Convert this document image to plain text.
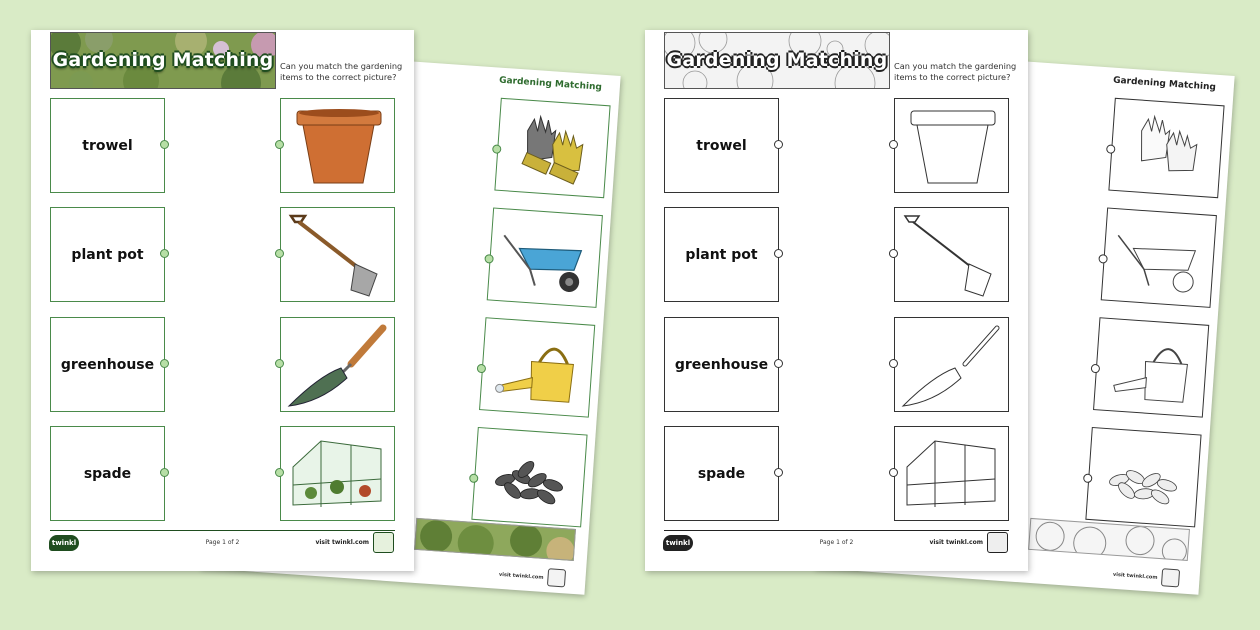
Gardening Matching
visit twinkl.com
Gardening Matching Can you match the gardening items to the correct picture?
trowel
plant pot
greenhouse
spade
twinkl	Page 1 of 2	visit twinkl.com
Gardening Matching
visit twinkl.com
Gardening Matching Can you match the gardening items to the correct picture?
trowel
plant pot
greenhouse
spade
twinkl	Page 1 of 2	visit twinkl.com
